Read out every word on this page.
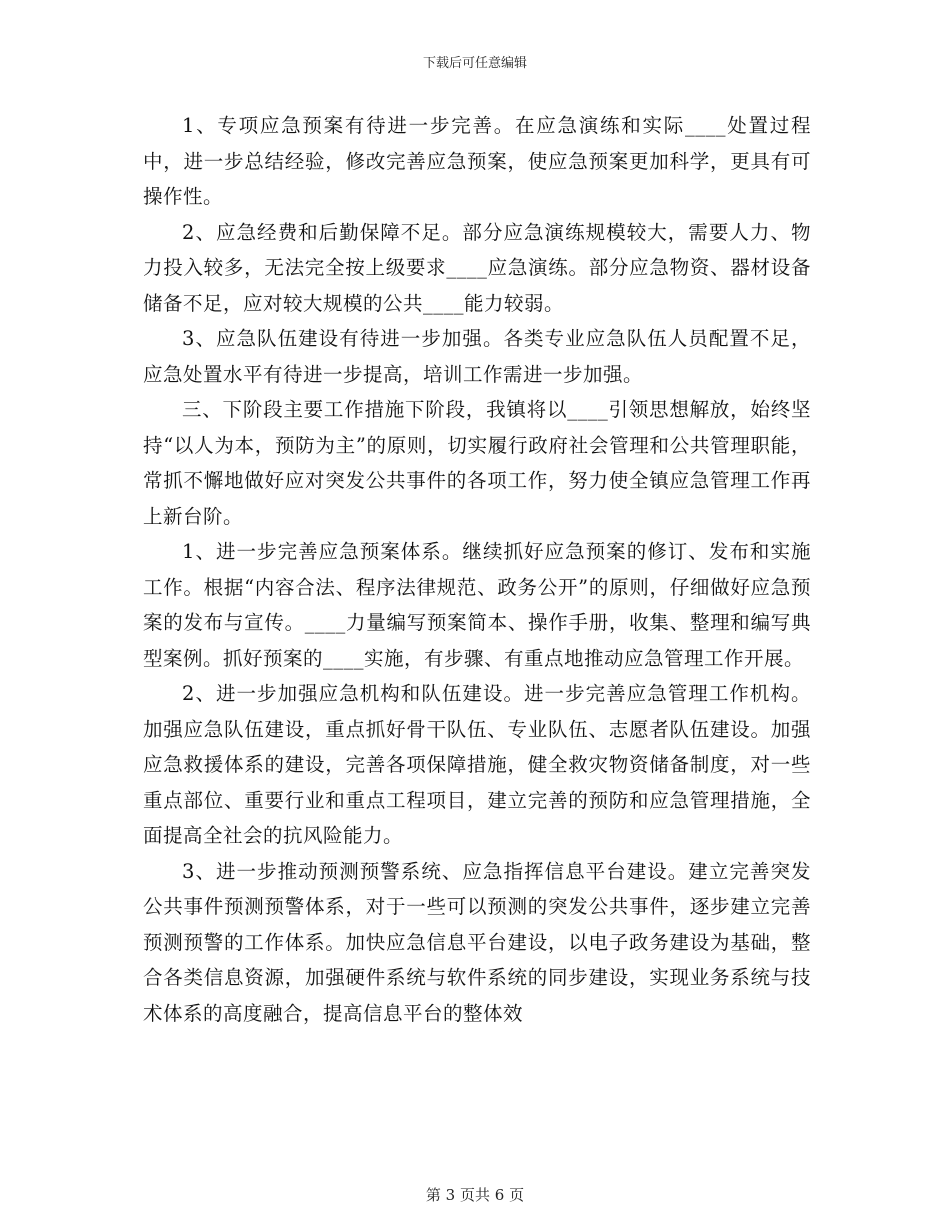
下载后可任意编辑

1、专项应急预案有待进一步完善。在应急演练和实际____处置过程中，进一步总结经验，修改完善应急预案，使应急预案更加科学，更具有可操作性。

2、应急经费和后勤保障不足。部分应急演练规模较大，需要人力、物力投入较多，无法完全按上级要求____应急演练。部分应急物资、器材设备储备不足，应对较大规模的公共____能力较弱。

3、应急队伍建设有待进一步加强。各类专业应急队伍人员配置不足，应急处置水平有待进一步提高，培训工作需进一步加强。

三、下阶段主要工作措施下阶段，我镇将以____引领思想解放，始终坚持“以人为本，预防为主”的原则，切实履行政府社会管理和公共管理职能，常抓不懈地做好应对突发公共事件的各项工作，努力使全镇应急管理工作再上新台阶。

1、进一步完善应急预案体系。继续抓好应急预案的修订、发布和实施工作。根据“内容合法、程序法律规范、政务公开”的原则，仔细做好应急预案的发布与宣传。____力量编写预案简本、操作手册，收集、整理和编写典型案例。抓好预案的____实施，有步骤、有重点地推动应急管理工作开展。

2、进一步加强应急机构和队伍建设。进一步完善应急管理工作机构。加强应急队伍建设，重点抓好骨干队伍、专业队伍、志愿者队伍建设。加强应急救援体系的建设，完善各项保障措施，健全救灾物资储备制度，对一些重点部位、重要行业和重点工程项目，建立完善的预防和应急管理措施，全面提高全社会的抗风险能力。

3、进一步推动预测预警系统、应急指挥信息平台建设。建立完善突发公共事件预测预警体系，对于一些可以预测的突发公共事件，逐步建立完善预测预警的工作体系。加快应急信息平台建设，以电子政务建设为基础，整合各类信息资源，加强硬件系统与软件系统的同步建设，实现业务系统与技术体系的高度融合，提高信息平台的整体效

第 3 页共 6 页
